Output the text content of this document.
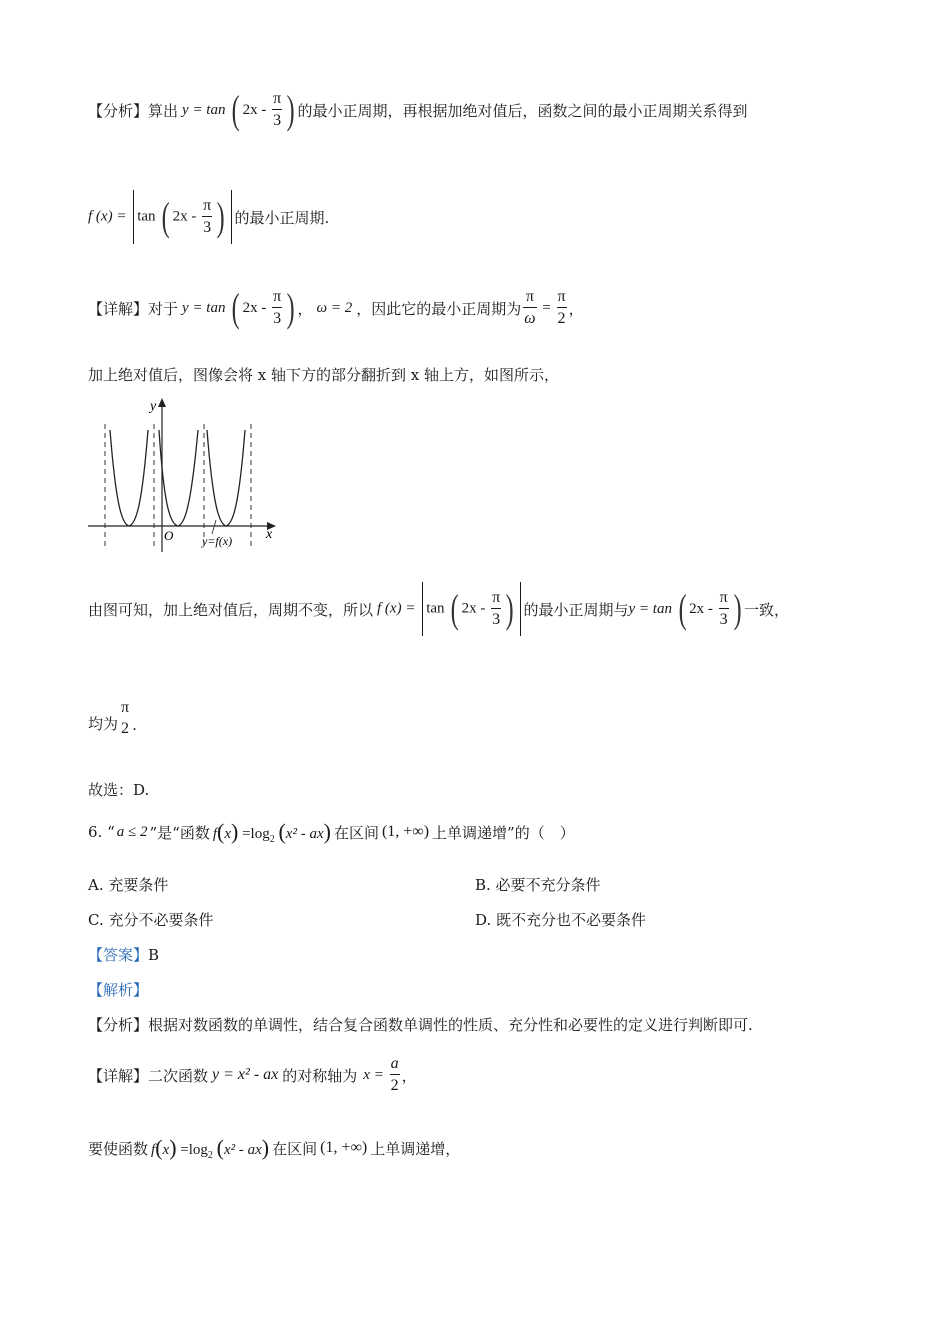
【分析】 算出 y = tan ( $2x - \frac{\pi}{3}$ ) 的最小正周期，再根据加绝对值后，函数之间的最小正周期关系得到
f (x) = tan ( $2x - \frac{\pi}{3}$ ) 的最小正周期.
【详解】 对于 y = tan ( $2x - \frac{\pi}{3}$ ) ， ω = 2 ，因此它的最小正周期为 $\frac{\pi}{\omega} = \frac{\pi}{2}$ ，
加上绝对值后，图像会将 x 轴下方的部分翻折到 x 轴上方，如图所示，
y
x
O y=f(x)
由图可知，加上绝对值后，周期不变，所以 f (x) = tan ( $2x - \frac{\pi}{3}$ ) 的最小正周期与 y = tan ( $2x - \frac{\pi}{3}$ ) 一致，
均为
π
2 .
故选：D.
6. “ a ≤ 2 ”是“函数 $f(x) =\log_2$ (x² - ax) 在区间 (1, +∞) 上单调递增”的（　）
A. 充要条件	B. 必要不充分条件
C. 充分不必要条件	D. 既不充分也不必要条件
【答案】B
【解析】
【分析】根据对数函数的单调性，结合复合函数单调性的性质、充分性和必要性的定义进行判断即可.
【详解】 二次函数 y = x² - ax 的对称轴为 $x = \frac{a}{2}$ ，
要使函数 $f(x) =\log_2$ (x² - ax) 在区间 (1, +∞) 上单调递增，
